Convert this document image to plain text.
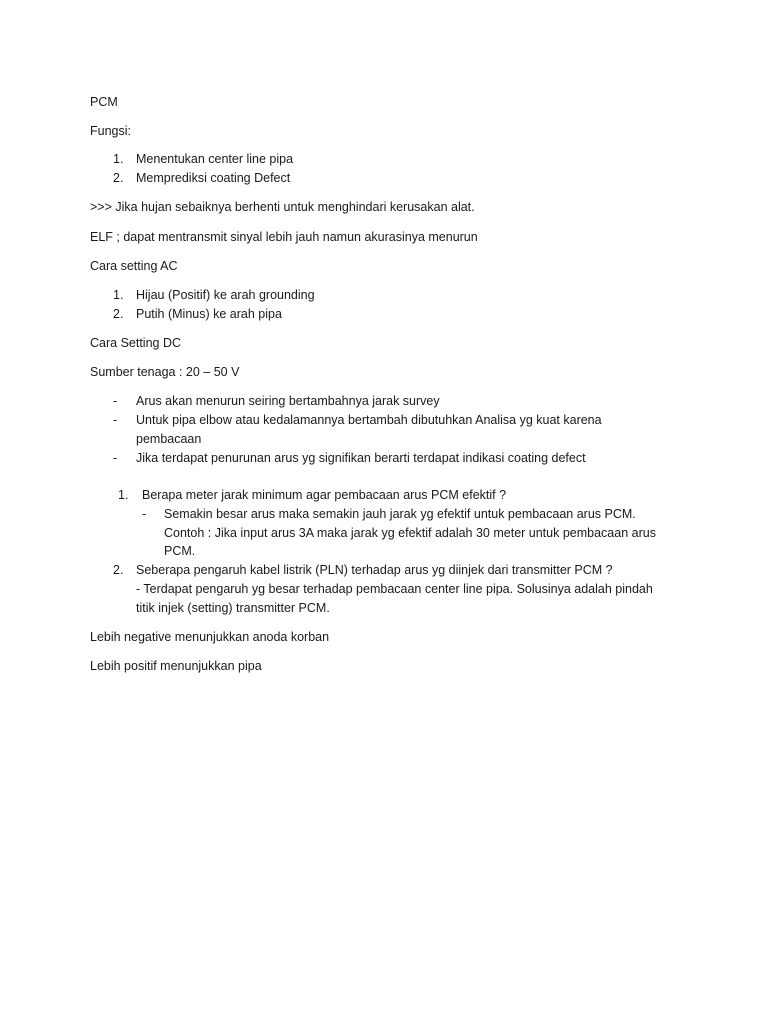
PCM
Fungsi:
1. Menentukan center line pipa
2. Memprediksi coating Defect
>>> Jika hujan sebaiknya berhenti untuk menghindari kerusakan alat.
ELF ; dapat mentransmit sinyal lebih jauh namun akurasinya menurun
Cara setting AC
1. Hijau (Positif) ke arah grounding
2. Putih (Minus) ke arah pipa
Cara Setting DC
Sumber tenaga : 20 – 50 V
- Arus akan menurun seiring bertambahnya jarak survey
- Untuk pipa elbow atau kedalamannya bertambah dibutuhkan Analisa yg kuat karena
pembacaan
- Jika terdapat penurunan arus yg signifikan berarti terdapat indikasi coating defect
1. Berapa meter jarak minimum agar pembacaan arus PCM efektif ?
- Semakin besar arus maka semakin jauh jarak yg efektif untuk pembacaan arus PCM.
Contoh : Jika input arus 3A maka jarak yg efektif adalah 30 meter untuk pembacaan arus
PCM.
2. Seberapa pengaruh kabel listrik (PLN) terhadap arus yg diinjek dari transmitter PCM ?
- Terdapat pengaruh yg besar terhadap pembacaan center line pipa. Solusinya adalah pindah
titik injek (setting) transmitter PCM.
Lebih negative menunjukkan anoda korban
Lebih positif menunjukkan pipa
